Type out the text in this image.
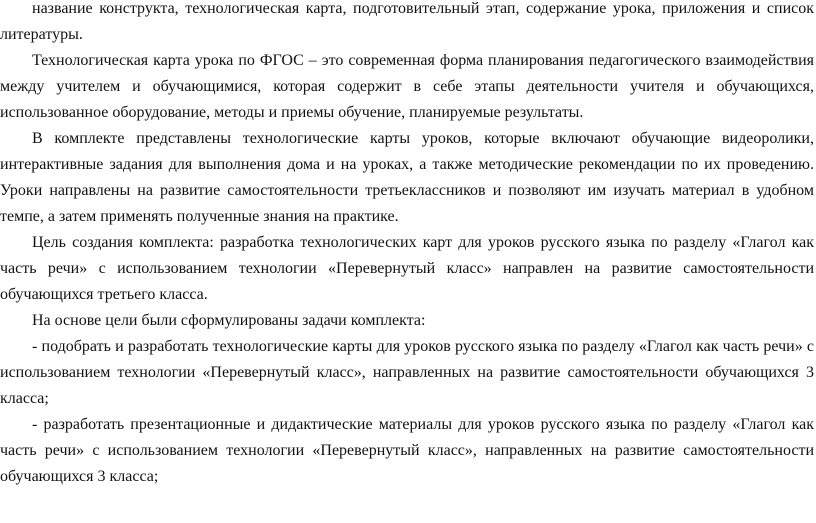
название конструкта, технологическая карта, подготовительный этап, содержание урока, приложения и список литературы.

Технологическая карта урока по ФГОС – это современная форма планирования педагогического взаимодействия между учителем и обучающимися, которая содержит в себе этапы деятельности учителя и обучающихся, использованное оборудование, методы и приемы обучение, планируемые результаты.

В комплекте представлены технологические карты уроков, которые включают обучающие видеоролики, интерактивные задания для выполнения дома и на уроках, а также методические рекомендации по их проведению. Уроки направлены на развитие самостоятельности третьеклассников и позволяют им изучать материал в удобном темпе, а затем применять полученные знания на практике.

Цель создания комплекта: разработка технологических карт для уроков русского языка по разделу «Глагол как часть речи» с использованием технологии «Перевернутый класс» направлен на развитие самостоятельности обучающихся третьего класса.

На основе цели были сформулированы задачи комплекта:

- подобрать и разработать технологические карты для уроков русского языка по разделу «Глагол как часть речи» с использованием технологии «Перевернутый класс», направленных на развитие самостоятельности обучающихся 3 класса;

- разработать презентационные и дидактические материалы для уроков русского языка по разделу «Глагол как часть речи» с использованием технологии «Перевернутый класс», направленных на развитие самостоятельности обучающихся 3 класса;
